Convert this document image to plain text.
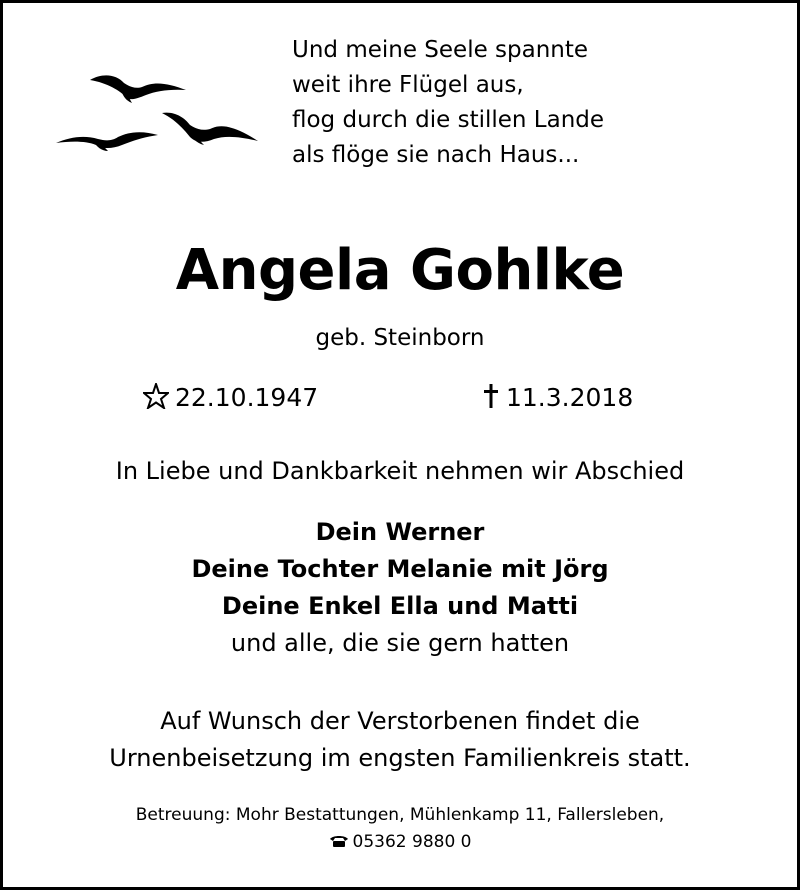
Und meine Seele spannte
weit ihre Flügel aus,
flog durch die stillen Lande
als flöge sie nach Haus...
Angela Gohlke
geb. Steinborn
22.10.1947	11.3.2018
In Liebe und Dankbarkeit nehmen wir Abschied
Dein Werner
Deine Tochter Melanie mit Jörg
Deine Enkel Ella und Matti
und alle, die sie gern hatten
Auf Wunsch der Verstorbenen findet die
Urnenbeisetzung im engsten Familienkreis statt.
Betreuung: Mohr Bestattungen, Mühlenkamp 11, Fallersleben,
05362 9880 0
